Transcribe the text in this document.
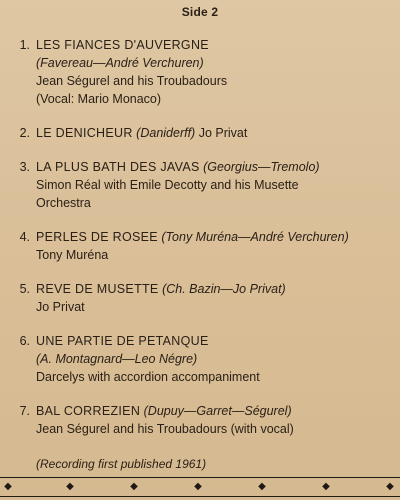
Side 2
1. LES FIANCES D'AUVERGNE
(Favereau—André Verchuren)
Jean Ségurel and his Troubadours
(Vocal: Mario Monaco)
2. LE DENICHEUR (Daniderff) Jo Privat
3. LA PLUS BATH DES JAVAS (Georgius—Tremolo)
Simon Réal with Emile Decotty and his Musette
Orchestra
4. PERLES DE ROSEE (Tony Muréna—André Verchuren)
Tony Muréna
5. REVE DE MUSETTE (Ch. Bazin—Jo Privat)
Jo Privat
6. UNE PARTIE DE PETANQUE
(A. Montagnard—Leo Négre)
Darcelys with accordion accompaniment
7. BAL CORREZIEN (Dupuy—Garret—Ségurel)
Jean Ségurel and his Troubadours (with vocal)
(Recording first published 1961)
◆	◆	◆	◆	◆	◆	◆
